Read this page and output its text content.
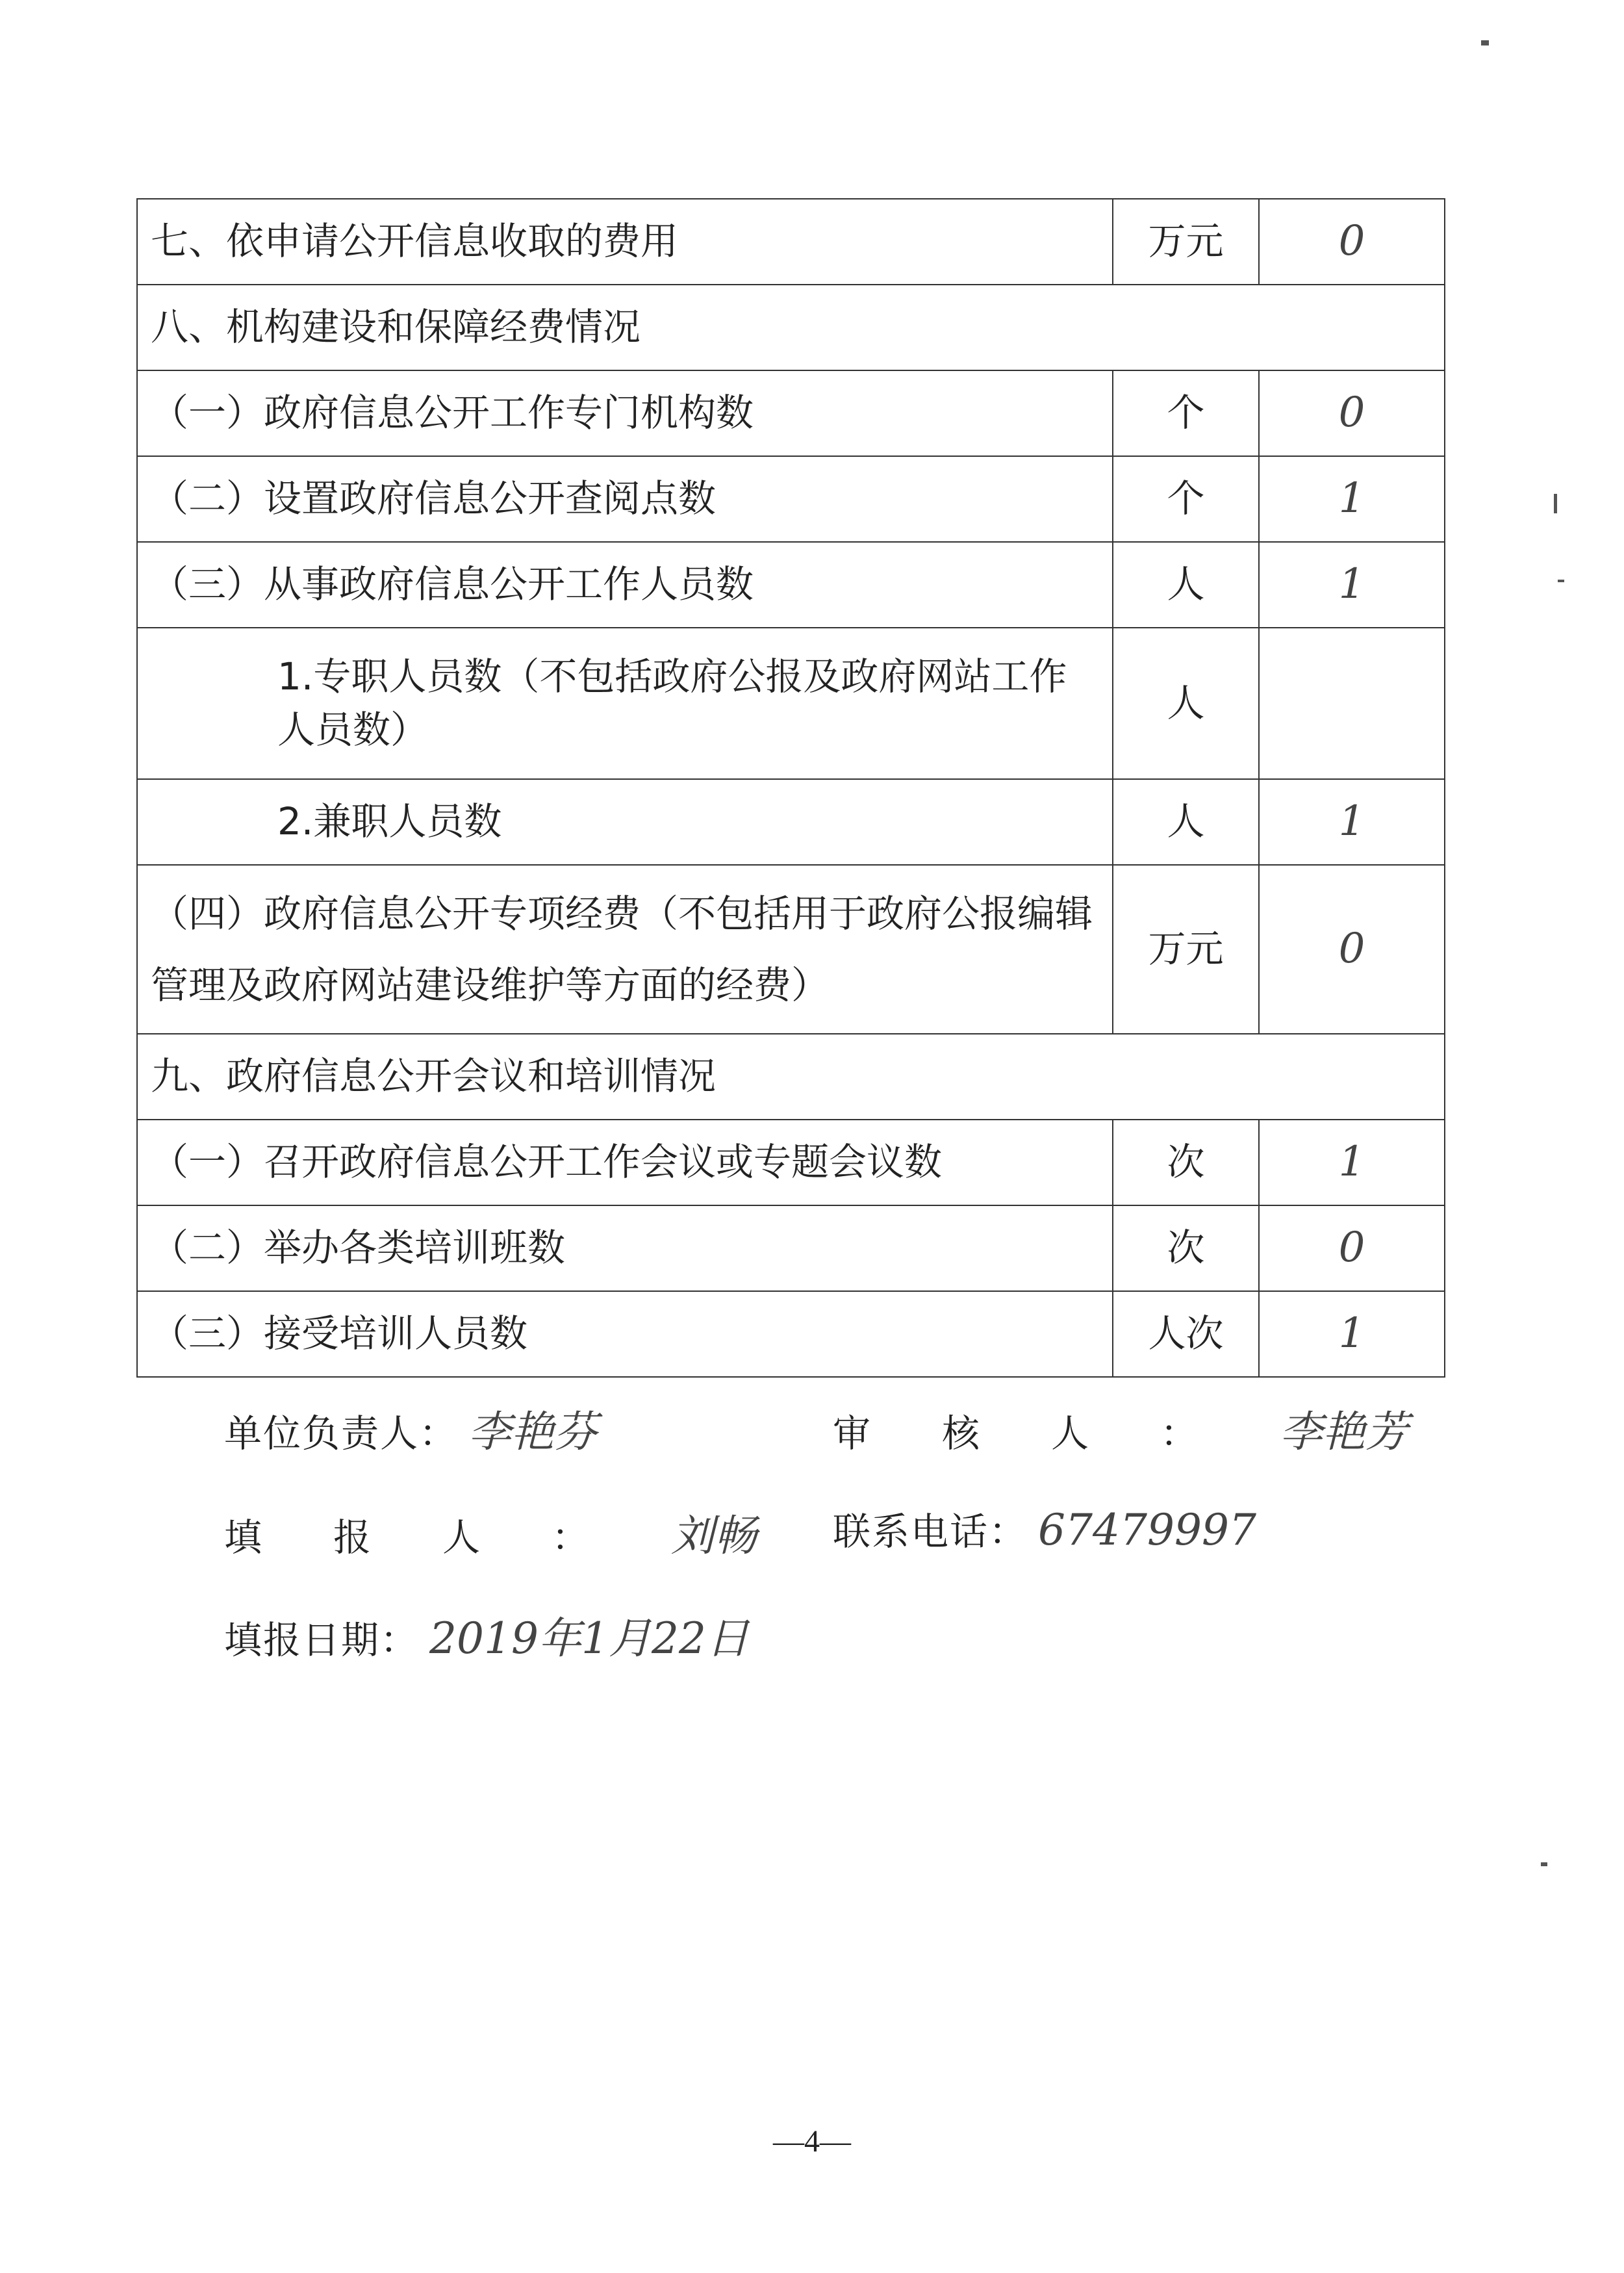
七、依申请公开信息收取的费用	万元	0
八、机构建设和保障经费情况		
（一）政府信息公开工作专门机构数	个	0
（二）设置政府信息公开查阅点数	个	1
（三）从事政府信息公开工作人员数	人	1
1.专职人员数（不包括政府公报及政府网站工作人员数）	人	
2.兼职人员数	人	1
（四）政府信息公开专项经费（不包括用于政府公报编辑管理及政府网站建设维护等方面的经费）	万元	0
九、政府信息公开会议和培训情况		
（一）召开政府信息公开工作会议或专题会议数	次	1
（二）举办各类培训班数	次	0
（三）接受培训人员数	人次	1
单位负责人： 李艳芬	审核人： 李艳芳
填报人： 刘畅 联系电话： 67479997
填报日期： 2019年1月22日
—4—
